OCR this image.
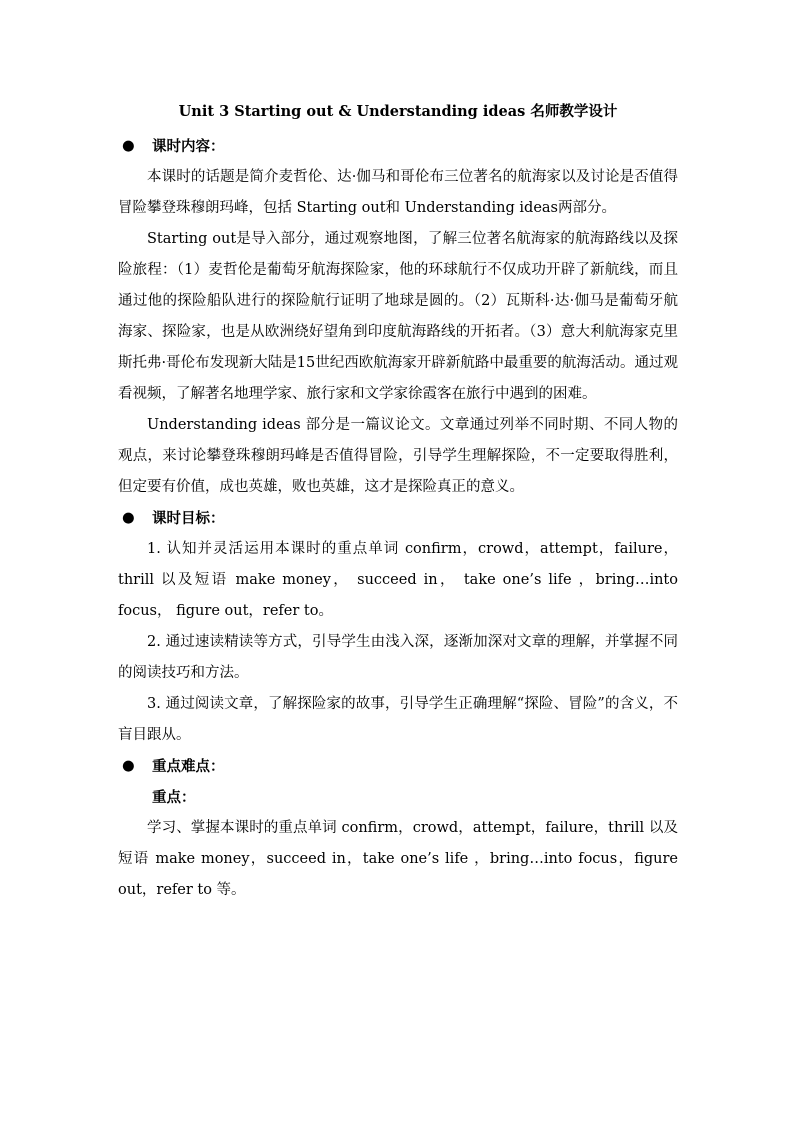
Unit 3 Starting out & Understanding ideas 名师教学设计
● 课时内容：

本课时的话题是简介麦哲伦、达·伽马和哥伦布三位著名的航海家以及讨论是否值得冒险攀登珠穆朗玛峰，包括 Starting out和 Understanding ideas两部分。

Starting out是导入部分，通过观察地图，了解三位著名航海家的航海路线以及探险旅程：（1）麦哲伦是葡萄牙航海探险家，他的环球航行不仅成功开辟了新航线，而且通过他的探险船队进行的探险航行证明了地球是圆的。（2）瓦斯科·达·伽马是葡萄牙航海家、探险家，也是从欧洲绕好望角到印度航海路线的开拓者。（3）意大利航海家克里斯托弗·哥伦布发现新大陆是15世纪西欧航海家开辟新航路中最重要的航海活动。通过观看视频，了解著名地理学家、旅行家和文学家徐霞客在旅行中遇到的困难。

Understanding ideas 部分是一篇议论文。文章通过列举不同时期、不同人物的观点，来讨论攀登珠穆朗玛峰是否值得冒险，引导学生理解探险，不一定要取得胜利，但定要有价值，成也英雄，败也英雄，这才是探险真正的意义。

● 课时目标：

1. 认知并灵活运用本课时的重点单词 confirm，crowd，attempt，failure，thrill 以及短语 make money， succeed in， take one’s life ，bring…into focus， figure out，refer to。

2. 通过速读精读等方式，引导学生由浅入深，逐渐加深对文章的理解，并掌握不同的阅读技巧和方法。

3. 通过阅读文章，了解探险家的故事，引导学生正确理解“探险、冒险”的含义，不盲目跟从。

● 重点难点：
重点：

学习、掌握本课时的重点单词 confirm，crowd，attempt，failure，thrill 以及短语 make money，succeed in，take one’s life ，bring…into focus，figure out，refer to 等。
